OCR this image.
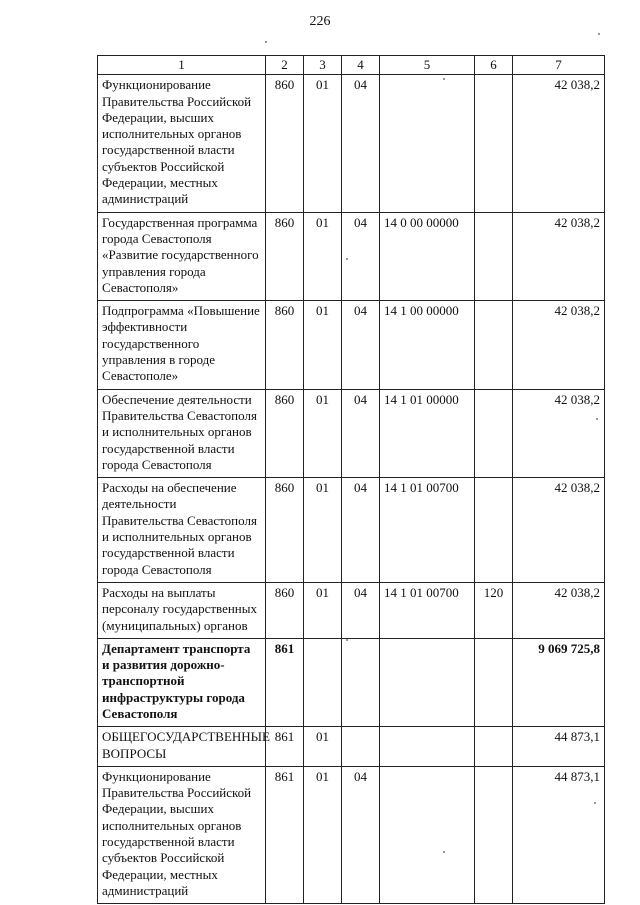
226
1	2	3	4	5	6	7
Функционирование Правительства Российской Федерации, высших исполнительных органов государственной власти субъектов Российской Федерации, местных администраций	860	01	04			42 038,2
Государственная программа города Севастополя «Развитие государственного управления города Севастополя»	860	01	04	14 0 00 00000		42 038,2
Подпрограмма «Повышение эффективности государственного управления в городе Севастополе»	860	01	04	14 1 00 00000		42 038,2
Обеспечение деятельности Правительства Севастополя и исполнительных органов государственной власти города Севастополя	860	01	04	14 1 01 00000		42 038,2
Расходы на обеспечение деятельности Правительства Севастополя и исполнительных органов государственной власти города Севастополя	860	01	04	14 1 01 00700		42 038,2
Расходы на выплаты персоналу государственных (муниципальных) органов	860	01	04	14 1 01 00700	120	42 038,2
Департамент транспорта и развития дорожно-транспортной инфраструктуры города Севастополя	861					9 069 725,8
ОБЩЕГОСУДАРСТВЕННЫЕ ВОПРОСЫ	861	01				44 873,1
Функционирование Правительства Российской Федерации, высших исполнительных органов государственной власти субъектов Российской Федерации, местных администраций	861	01	04			44 873,1
